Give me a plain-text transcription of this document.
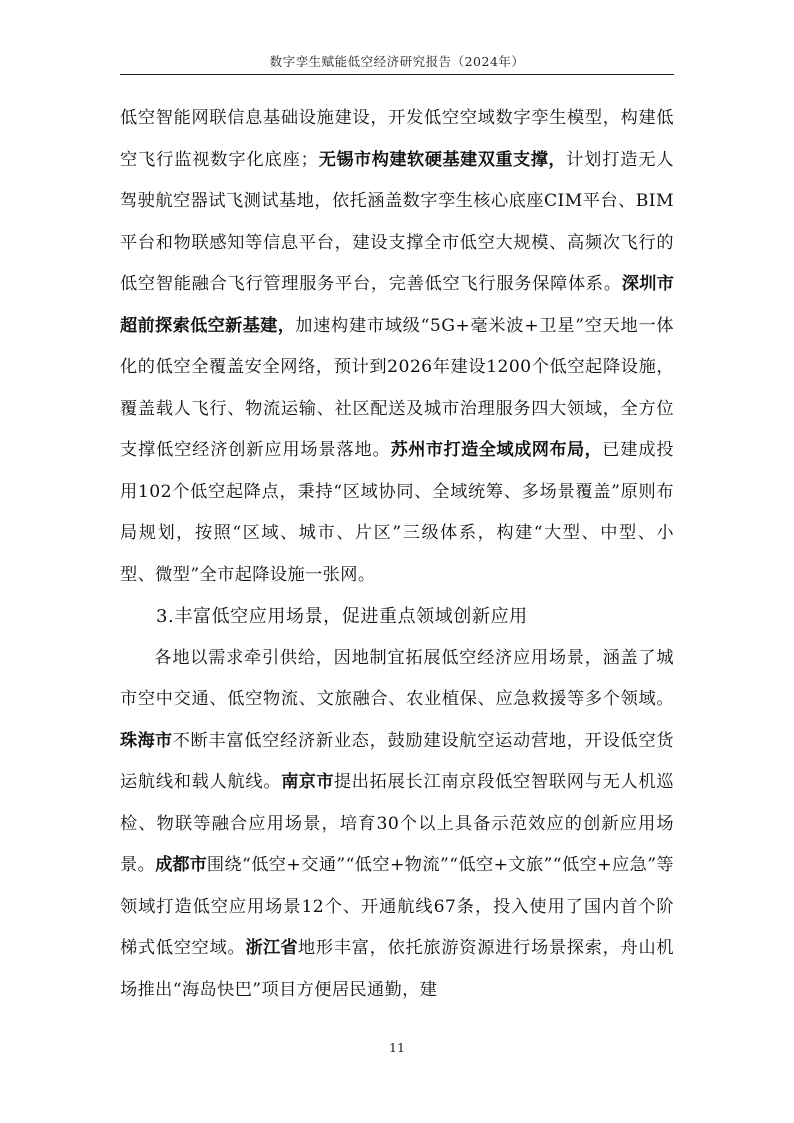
数字孪生赋能低空经济研究报告（2024年）

低空智能网联信息基础设施建设，开发低空空域数字孪生模型，构建低空飞行监视数字化底座；无锡市构建软硬基建双重支撑，计划打造无人驾驶航空器试飞测试基地，依托涵盖数字孪生核心底座CIM平台、BIM平台和物联感知等信息平台，建设支撑全市低空大规模、高频次飞行的低空智能融合飞行管理服务平台，完善低空飞行服务保障体系。深圳市超前探索低空新基建，加速构建市域级“5G+毫米波+卫星”空天地一体化的低空全覆盖安全网络，预计到2026年建设1200个低空起降设施，覆盖载人飞行、物流运输、社区配送及城市治理服务四大领域，全方位支撑低空经济创新应用场景落地。苏州市打造全域成网布局，已建成投用102个低空起降点，秉持“区域协同、全域统筹、多场景覆盖”原则布局规划，按照“区域、城市、片区”三级体系，构建“大型、中型、小型、微型”全市起降设施一张网。

3.丰富低空应用场景，促进重点领域创新应用

各地以需求牵引供给，因地制宜拓展低空经济应用场景，涵盖了城市空中交通、低空物流、文旅融合、农业植保、应急救援等多个领域。珠海市不断丰富低空经济新业态，鼓励建设航空运动营地，开设低空货运航线和载人航线。南京市提出拓展长江南京段低空智联网与无人机巡检、物联等融合应用场景，培育30个以上具备示范效应的创新应用场景。成都市围绕“低空+交通”“低空+物流”“低空+文旅”“低空+应急”等领域打造低空应用场景12个、开通航线67条，投入使用了国内首个阶梯式低空空域。浙江省地形丰富，依托旅游资源进行场景探索，舟山机场推出“海岛快巴”项目方便居民通勤，建

11
